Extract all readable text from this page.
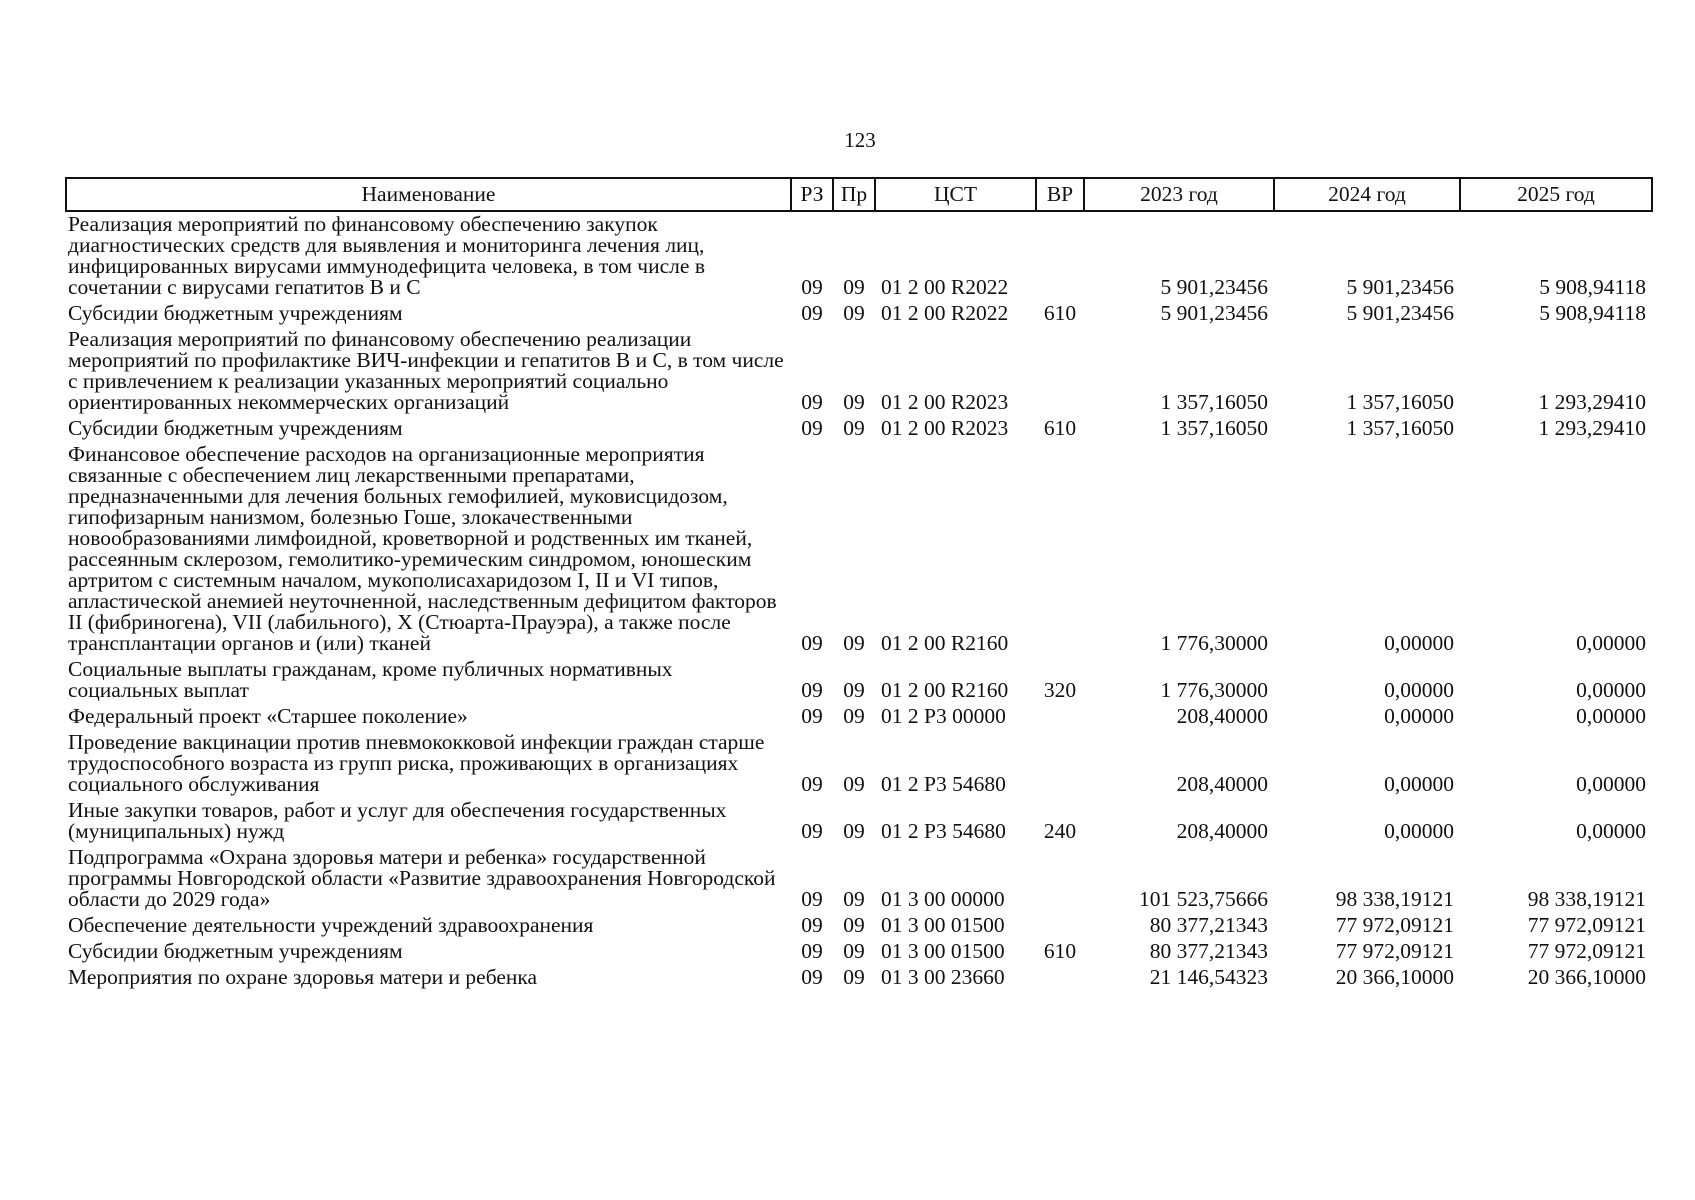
123
Наименование	РЗ	Пр	ЦСТ	ВР	2023 год	2024 год	2025 год
Реализация мероприятий по финансовому обеспечению закупок диагностических средств для выявления и мониторинга лечения лиц, инфицированных вирусами иммунодефицита человека, в том числе в сочетании с вирусами гепатитов B и C	09	09	01 2 00 R2022		5 901,23456	5 901,23456	5 908,94118
Субсидии бюджетным учреждениям	09	09	01 2 00 R2022	610	5 901,23456	5 901,23456	5 908,94118
Реализация мероприятий по финансовому обеспечению реализации мероприятий по профилактике ВИЧ-инфекции и гепатитов B и C, в том числе с привлечением к реализации указанных мероприятий социально ориентированных некоммерческих организаций	09	09	01 2 00 R2023		1 357,16050	1 357,16050	1 293,29410
Субсидии бюджетным учреждениям	09	09	01 2 00 R2023	610	1 357,16050	1 357,16050	1 293,29410
Финансовое обеспечение расходов на организационные мероприятия связанные с обеспечением лиц лекарственными препаратами, предназначенными для лечения больных гемофилией, муковисцидозом, гипофизарным нанизмом, болезнью Гоше, злокачественными новообразованиями лимфоидной, кроветворной и родственных им тканей, рассеянным склерозом, гемолитико-уремическим синдромом, юношеским артритом с системным началом, мукополисахаридозом I, II и VI типов, апластической анемией неуточненной, наследственным дефицитом факторов II (фибриногена), VII (лабильного), X (Стюарта-Прауэра), а также после трансплантации органов и (или) тканей	09	09	01 2 00 R2160		1 776,30000	0,00000	0,00000
Социальные выплаты гражданам, кроме публичных нормативных социальных выплат	09	09	01 2 00 R2160	320	1 776,30000	0,00000	0,00000
Федеральный проект «Старшее поколение»	09	09	01 2 P3 00000		208,40000	0,00000	0,00000
Проведение вакцинации против пневмококковой инфекции граждан старше трудоспособного возраста из групп риска, проживающих в организациях социального обслуживания	09	09	01 2 P3 54680		208,40000	0,00000	0,00000
Иные закупки товаров, работ и услуг для обеспечения государственных (муниципальных) нужд	09	09	01 2 P3 54680	240	208,40000	0,00000	0,00000
Подпрограмма «Охрана здоровья матери и ребенка» государственной программы Новгородской области «Развитие здравоохранения Новгородской области до 2029 года»	09	09	01 3 00 00000		101 523,75666	98 338,19121	98 338,19121
Обеспечение деятельности учреждений здравоохранения	09	09	01 3 00 01500		80 377,21343	77 972,09121	77 972,09121
Субсидии бюджетным учреждениям	09	09	01 3 00 01500	610	80 377,21343	77 972,09121	77 972,09121
Мероприятия по охране здоровья матери и ребенка	09	09	01 3 00 23660		21 146,54323	20 366,10000	20 366,10000
